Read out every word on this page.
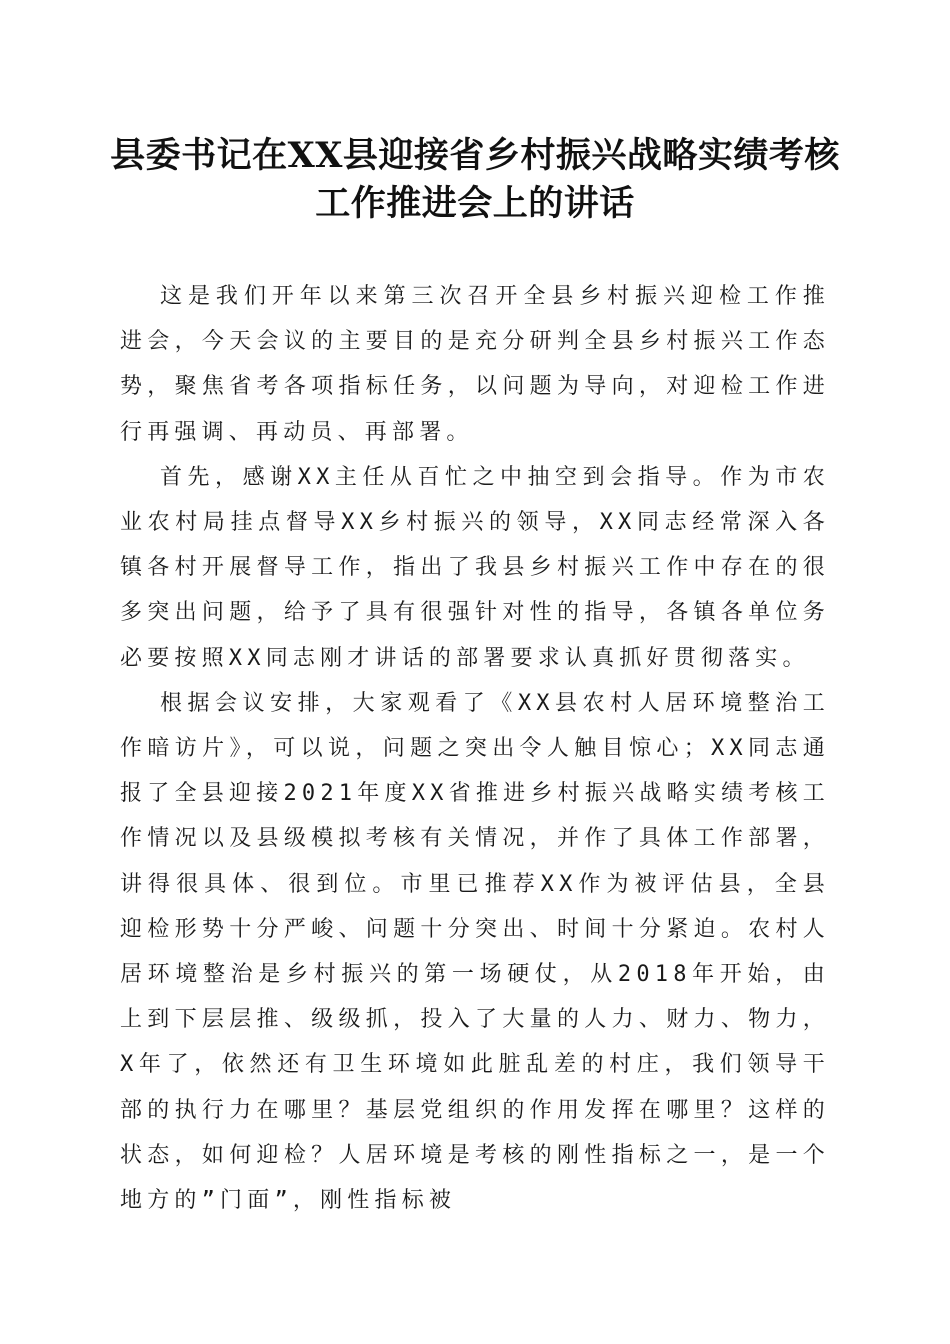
县委书记在XX县迎接省乡村振兴战略实绩考核工作推进会上的讲话

这是我们开年以来第三次召开全县乡村振兴迎检工作推进会，今天会议的主要目的是充分研判全县乡村振兴工作态势，聚焦省考各项指标任务，以问题为导向，对迎检工作进行再强调、再动员、再部署。

首先，感谢XX主任从百忙之中抽空到会指导。作为市农业农村局挂点督导XX乡村振兴的领导，XX同志经常深入各镇各村开展督导工作，指出了我县乡村振兴工作中存在的很多突出问题，给予了具有很强针对性的指导，各镇各单位务必要按照XX同志刚才讲话的部署要求认真抓好贯彻落实。

根据会议安排，大家观看了《XX县农村人居环境整治工作暗访片》，可以说，问题之突出令人触目惊心；XX同志通报了全县迎接2021年度XX省推进乡村振兴战略实绩考核工作情况以及县级模拟考核有关情况，并作了具体工作部署，讲得很具体、很到位。市里已推荐XX作为被评估县，全县迎检形势十分严峻、问题十分突出、时间十分紧迫。农村人居环境整治是乡村振兴的第一场硬仗，从2018年开始，由上到下层层推、级级抓，投入了大量的人力、财力、物力，X年了，依然还有卫生环境如此脏乱差的村庄，我们领导干部的执行力在哪里？基层党组织的作用发挥在哪里？这样的状态，如何迎检？人居环境是考核的刚性指标之一，是一个地方的”门面”，刚性指标被
